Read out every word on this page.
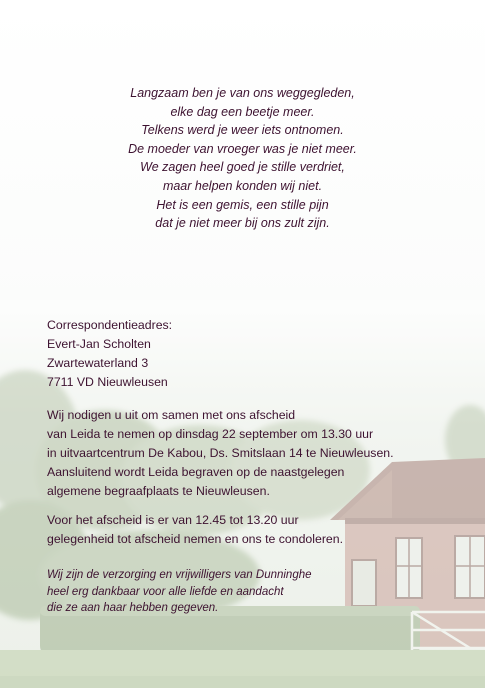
Langzaam ben je van ons weggegleden,
elke dag een beetje meer.
Telkens werd je weer iets ontnomen.
De moeder van vroeger was je niet meer.
We zagen heel goed je stille verdriet,
maar helpen konden wij niet.
Het is een gemis, een stille pijn
dat je niet meer bij ons zult zijn.
Correspondentieadres:
Evert-Jan Scholten
Zwartewaterland 3
7711 VD Nieuwleusen
Wij nodigen u uit om samen met ons afscheid
van Leida te nemen op dinsdag 22 september om 13.30 uur
in uitvaartcentrum De Kabou, Ds. Smitslaan 14 te Nieuwleusen.
Aansluitend wordt Leida begraven op de naastgelegen
algemene begraafplaats te Nieuwleusen.
Voor het afscheid is er van 12.45 tot 13.20 uur
gelegenheid tot afscheid nemen en ons te condoleren.
Wij zijn de verzorging en vrijwilligers van Dunninghe
heel erg dankbaar voor alle liefde en aandacht
die ze aan haar hebben gegeven.
